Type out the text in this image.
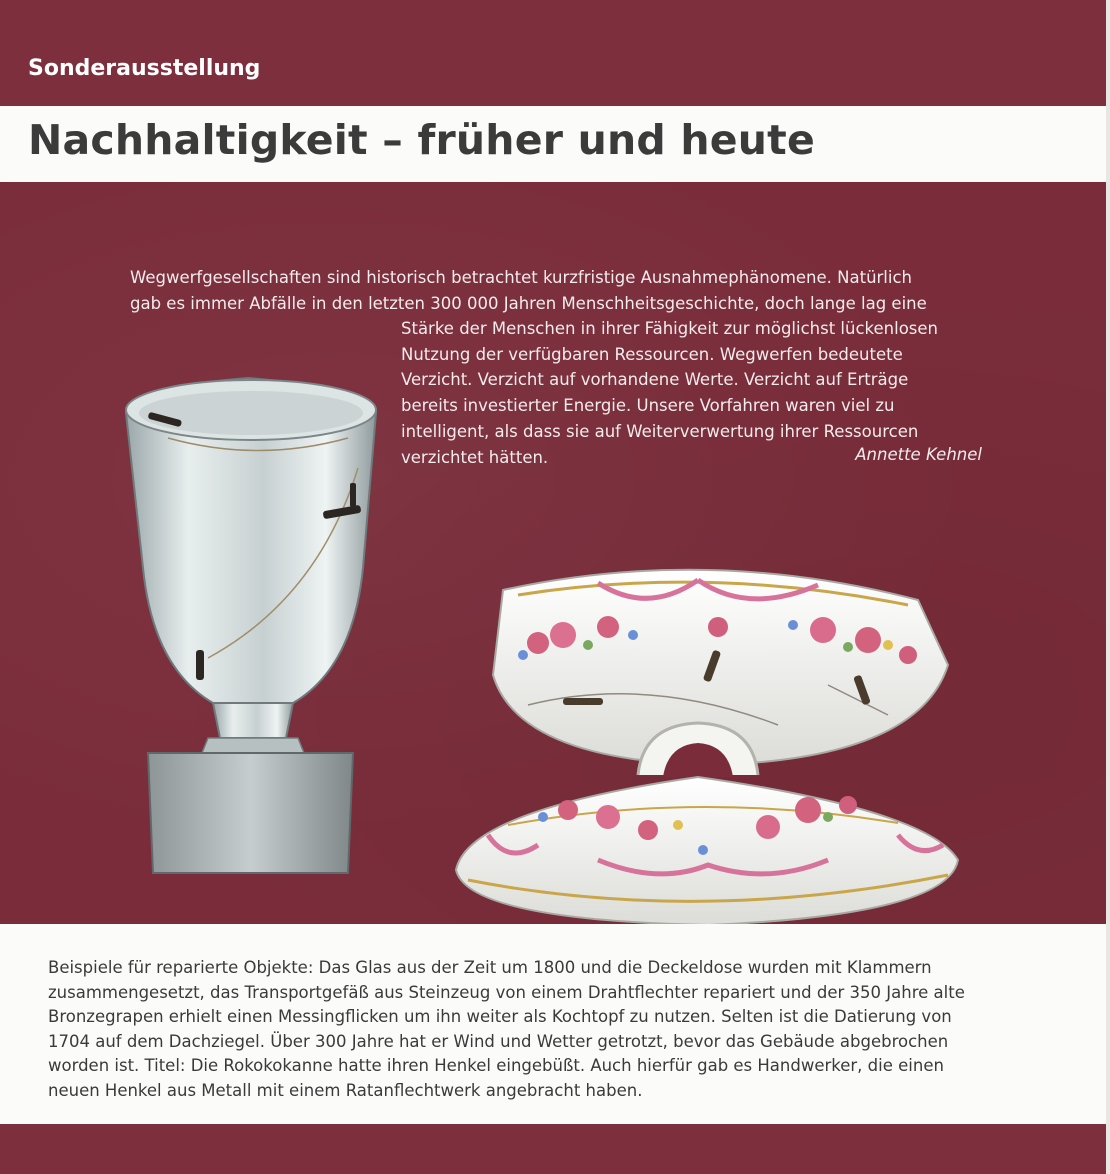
Sonderausstellung
Nachhaltigkeit – früher und heute
Wegwerfgesellschaften sind historisch betrachtet kurzfristige Ausnahmephänomene. Natürlich
gab es immer Abfälle in den letzten 300 000 Jahren Menschheitsgeschichte, doch lange lag eine
Stärke der Menschen in ihrer Fähigkeit zur möglichst lückenlosen
Nutzung der verfügbaren Ressourcen. Wegwerfen bedeutete
Verzicht. Verzicht auf vorhandene Werte. Verzicht auf Erträge
bereits investierter Energie. Unsere Vorfahren waren viel zu
intelligent, als dass sie auf Weiterverwertung ihrer Ressourcen
verzichtet hätten.	Annette Kehnel
Beispiele für reparierte Objekte: Das Glas aus der Zeit um 1800 und die Deckeldose wurden mit Klammern
zusammengesetzt, das Transportgefäß aus Steinzeug von einem Drahtflechter repariert und der 350 Jahre alte
Bronzegrapen erhielt einen Messingflicken um ihn weiter als Kochtopf zu nutzen. Selten ist die Datierung von
1704 auf dem Dachziegel. Über 300 Jahre hat er Wind und Wetter getrotzt, bevor das Gebäude abgebrochen
worden ist. Titel: Die Rokokokanne hatte ihren Henkel eingebüßt. Auch hierfür gab es Handwerker, die einen
neuen Henkel aus Metall mit einem Ratanflechtwerk angebracht haben.
